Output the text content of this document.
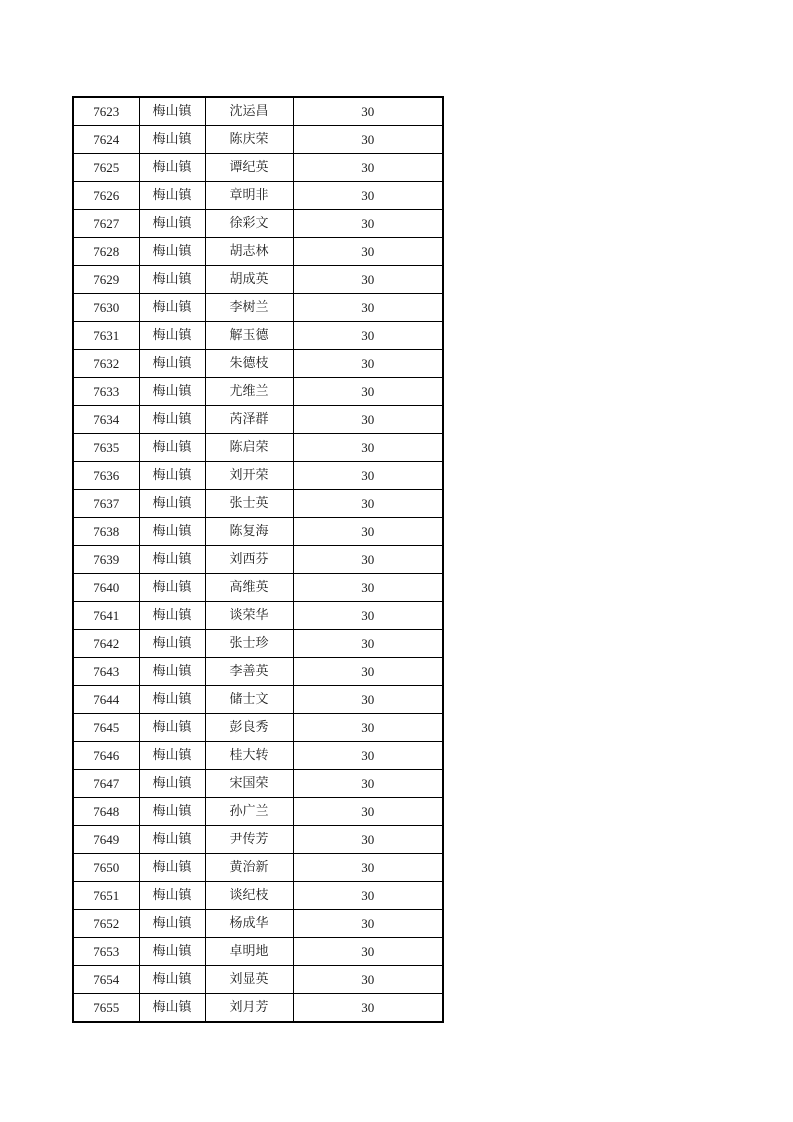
7623	梅山镇	沈运昌	30
7624	梅山镇	陈庆荣	30
7625	梅山镇	谭纪英	30
7626	梅山镇	章明非	30
7627	梅山镇	徐彩文	30
7628	梅山镇	胡志林	30
7629	梅山镇	胡成英	30
7630	梅山镇	李树兰	30
7631	梅山镇	解玉德	30
7632	梅山镇	朱德枝	30
7633	梅山镇	尤维兰	30
7634	梅山镇	芮泽群	30
7635	梅山镇	陈启荣	30
7636	梅山镇	刘开荣	30
7637	梅山镇	张士英	30
7638	梅山镇	陈复海	30
7639	梅山镇	刘西芬	30
7640	梅山镇	高维英	30
7641	梅山镇	谈荣华	30
7642	梅山镇	张士珍	30
7643	梅山镇	李善英	30
7644	梅山镇	储士文	30
7645	梅山镇	彭良秀	30
7646	梅山镇	桂大转	30
7647	梅山镇	宋国荣	30
7648	梅山镇	孙广兰	30
7649	梅山镇	尹传芳	30
7650	梅山镇	黄治新	30
7651	梅山镇	谈纪枝	30
7652	梅山镇	杨成华	30
7653	梅山镇	卓明地	30
7654	梅山镇	刘显英	30
7655	梅山镇	刘月芳	30
